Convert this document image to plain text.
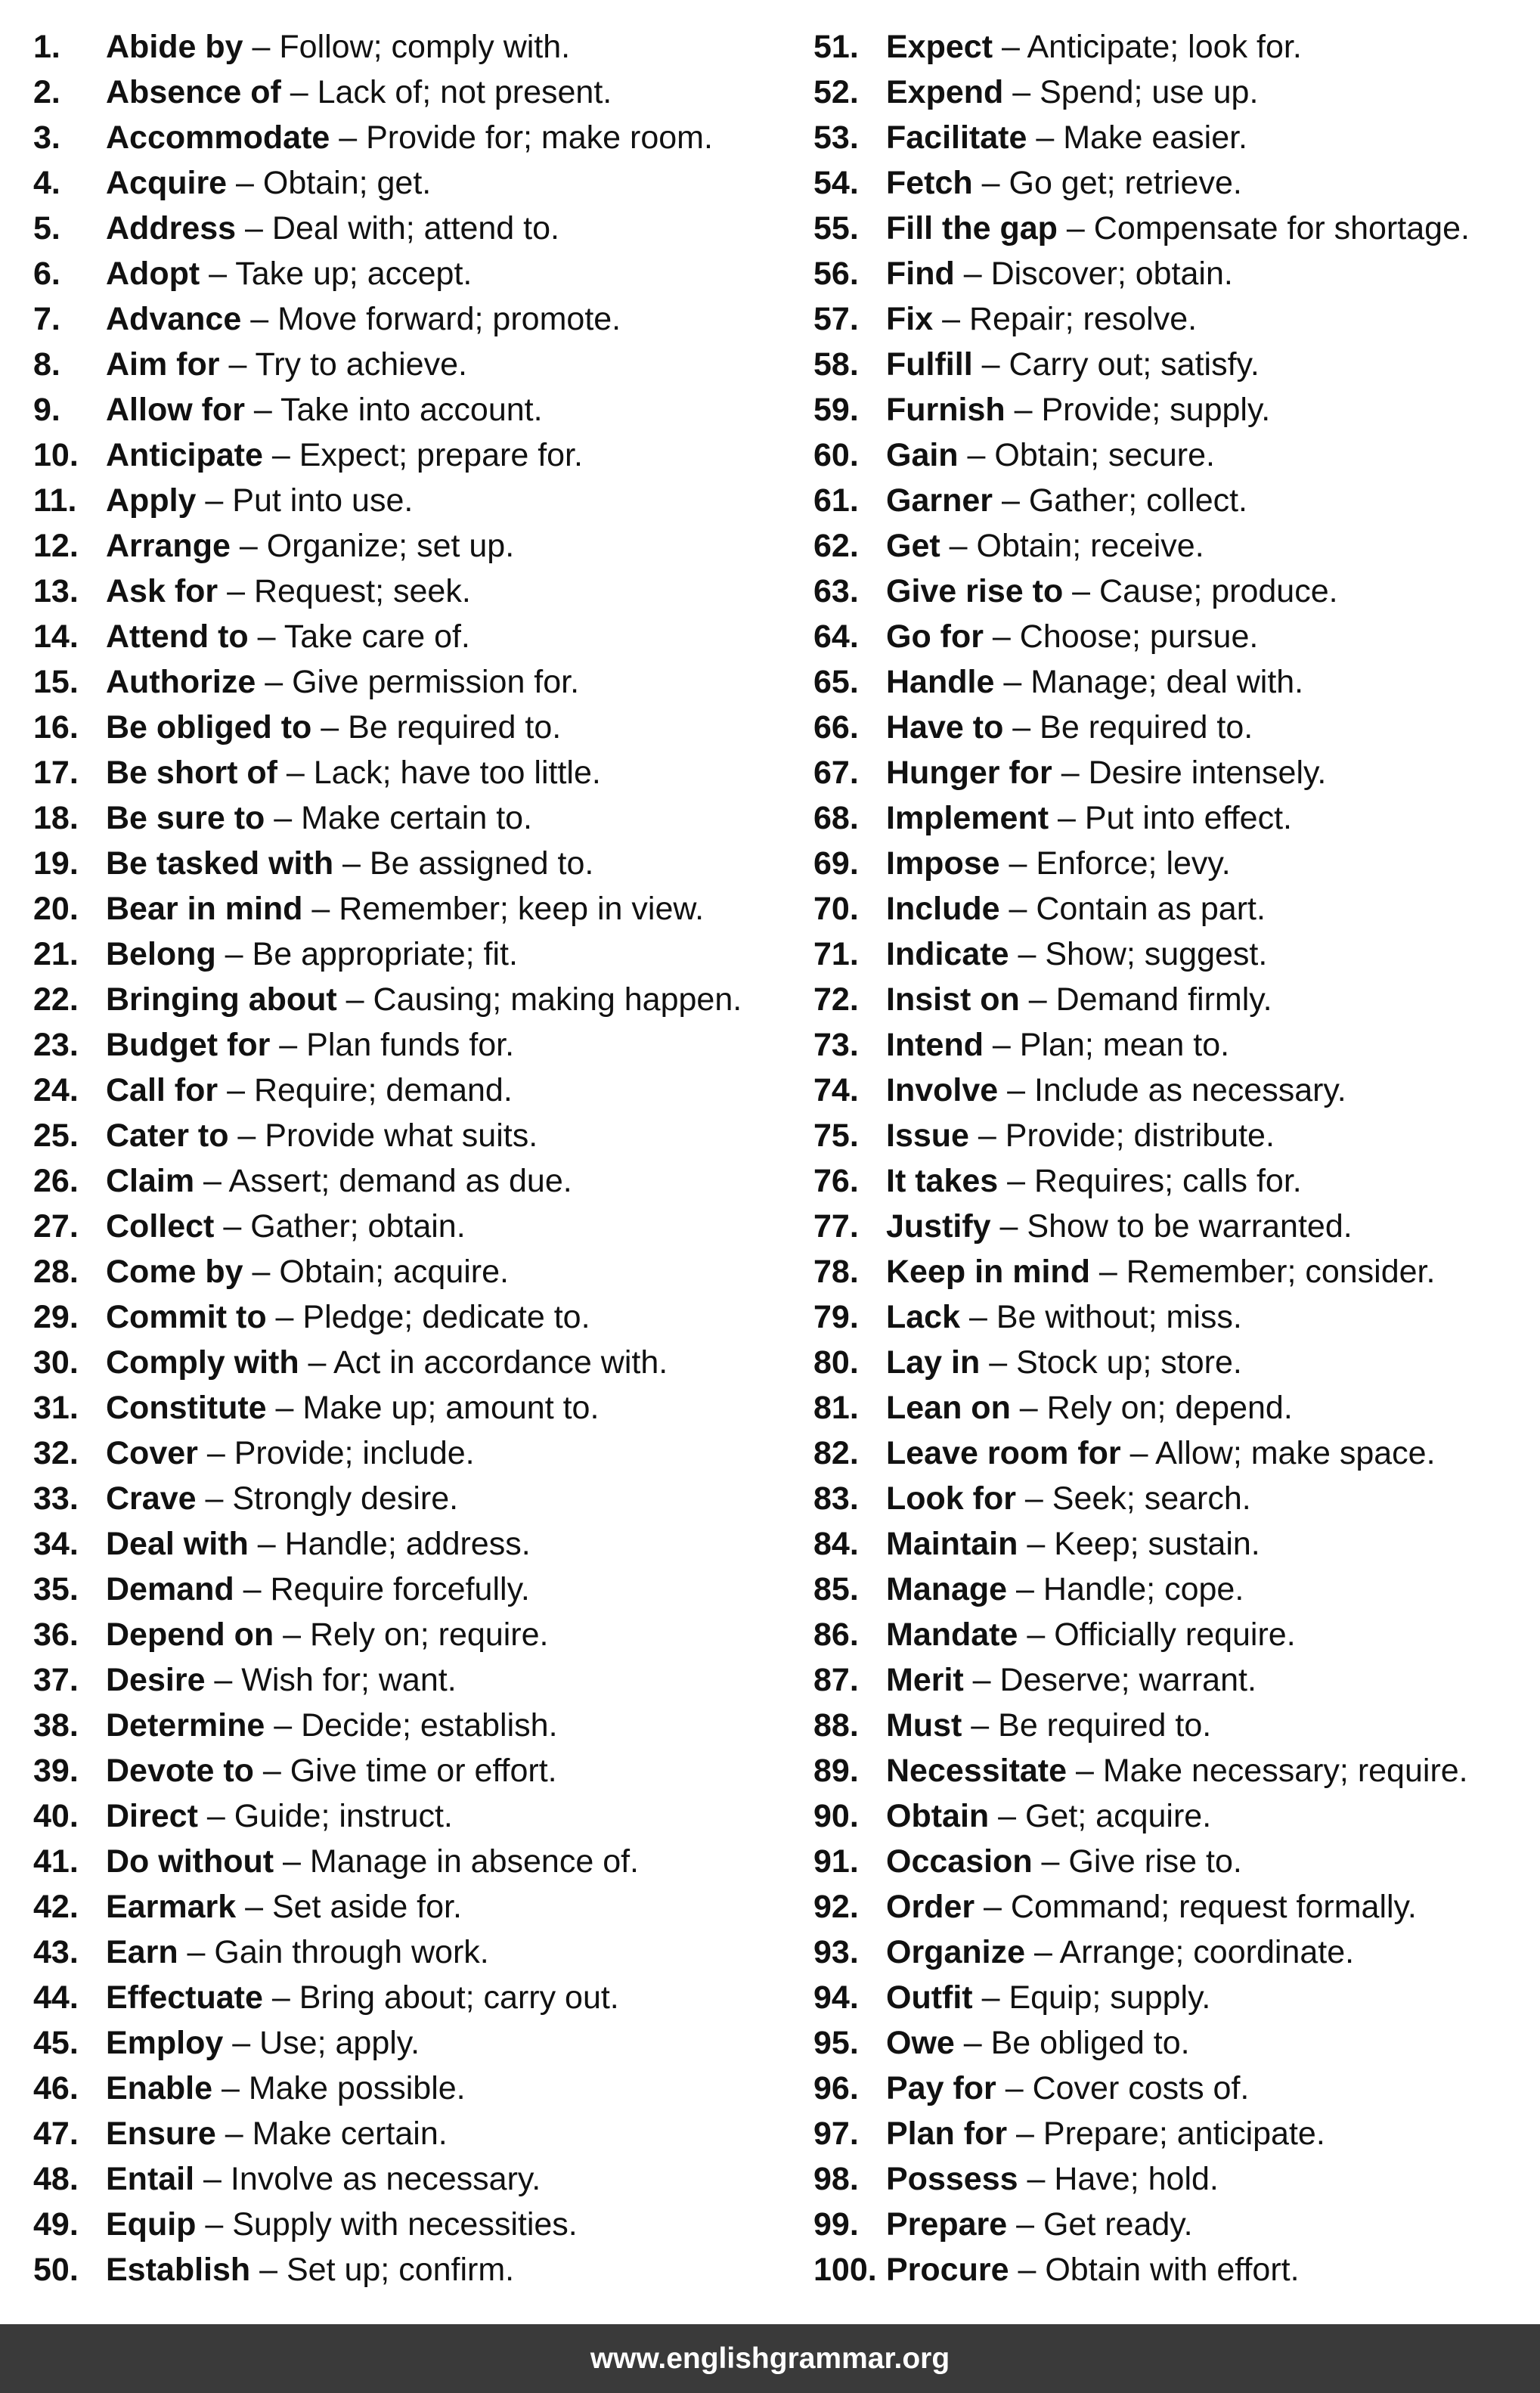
1.	Abide by – Follow; comply with.
2.	Absence of – Lack of; not present.
3.	Accommodate – Provide for; make room.
4.	Acquire – Obtain; get.
5.	Address – Deal with; attend to.
6.	Adopt – Take up; accept.
7.	Advance – Move forward; promote.
8.	Aim for – Try to achieve.
9.	Allow for – Take into account.
10. Anticipate – Expect; prepare for.
11. Apply – Put into use.
12. Arrange – Organize; set up.
13. Ask for – Request; seek.
14. Attend to – Take care of.
15. Authorize – Give permission for.
16. Be obliged to – Be required to.
17. Be short of – Lack; have too little.
18. Be sure to – Make certain to.
19. Be tasked with – Be assigned to.
20. Bear in mind – Remember; keep in view.
21. Belong – Be appropriate; fit.
22. Bringing about – Causing; making happen.
23. Budget for – Plan funds for.
24. Call for – Require; demand.
25. Cater to – Provide what suits.
26. Claim – Assert; demand as due.
27. Collect – Gather; obtain.
28. Come by – Obtain; acquire.
29. Commit to – Pledge; dedicate to.
30. Comply with – Act in accordance with.
31. Constitute – Make up; amount to.
32. Cover – Provide; include.
33. Crave – Strongly desire.
34. Deal with – Handle; address.
35. Demand – Require forcefully.
36. Depend on – Rely on; require.
37. Desire – Wish for; want.
38. Determine – Decide; establish.
39. Devote to – Give time or effort.
40. Direct – Guide; instruct.
41. Do without – Manage in absence of.
42. Earmark – Set aside for.
43. Earn – Gain through work.
44. Effectuate – Bring about; carry out.
45. Employ – Use; apply.
46. Enable – Make possible.
47. Ensure – Make certain.
48. Entail – Involve as necessary.
49. Equip – Supply with necessities.
50. Establish – Set up; confirm.
51. Expect – Anticipate; look for.
52. Expend – Spend; use up.
53. Facilitate – Make easier.
54. Fetch – Go get; retrieve.
55. Fill the gap – Compensate for shortage.
56. Find – Discover; obtain.
57. Fix – Repair; resolve.
58. Fulfill – Carry out; satisfy.
59. Furnish – Provide; supply.
60. Gain – Obtain; secure.
61. Garner – Gather; collect.
62. Get – Obtain; receive.
63. Give rise to – Cause; produce.
64. Go for – Choose; pursue.
65. Handle – Manage; deal with.
66. Have to – Be required to.
67. Hunger for – Desire intensely.
68. Implement – Put into effect.
69. Impose – Enforce; levy.
70. Include – Contain as part.
71. Indicate – Show; suggest.
72. Insist on – Demand firmly.
73. Intend – Plan; mean to.
74. Involve – Include as necessary.
75. Issue – Provide; distribute.
76. It takes – Requires; calls for.
77. Justify – Show to be warranted.
78. Keep in mind – Remember; consider.
79. Lack – Be without; miss.
80. Lay in – Stock up; store.
81. Lean on – Rely on; depend.
82. Leave room for – Allow; make space.
83. Look for – Seek; search.
84. Maintain – Keep; sustain.
85. Manage – Handle; cope.
86. Mandate – Officially require.
87. Merit – Deserve; warrant.
88. Must – Be required to.
89. Necessitate – Make necessary; require.
90. Obtain – Get; acquire.
91. Occasion – Give rise to.
92. Order – Command; request formally.
93. Organize – Arrange; coordinate.
94. Outfit – Equip; supply.
95. Owe – Be obliged to.
96. Pay for – Cover costs of.
97. Plan for – Prepare; anticipate.
98. Possess – Have; hold.
99. Prepare – Get ready.
100. Procure – Obtain with effort.
www.englishgrammar.org
